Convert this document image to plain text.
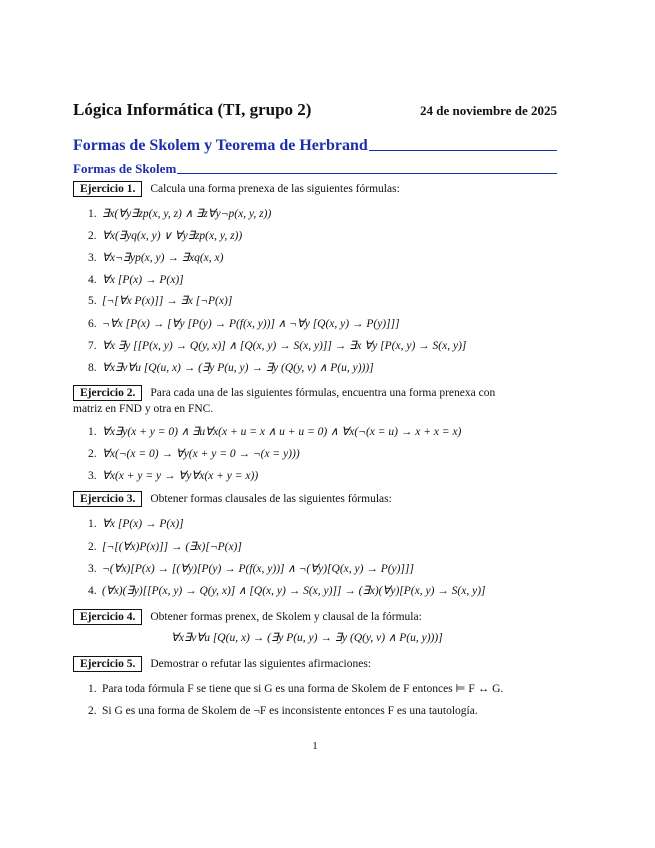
Lógica Informática (TI, grupo 2)	24 de noviembre de 2025
Formas de Skolem y Teorema de Herbrand
Formas de Skolem
Ejercicio 1. Calcula una forma prenexa de las siguientes fórmulas:
1. ∃x(∀y∃zp(x, y, z) ∧ ∃z∀y¬p(x, y, z))
2. ∀x(∃yq(x, y) ∨ ∀y∃zp(x, y, z))
3. ∀x¬∃yp(x, y) → ∃xq(x, x)
4. ∀x [P(x) → P(x)]
5. [¬[∀x P(x)]] → ∃x [¬P(x)]
6. ¬∀x [P(x) → [∀y [P(y) → P(f(x, y))] ∧ ¬∀y [Q(x, y) → P(y)]]]
7. ∀x ∃y [[P(x, y) → Q(y, x)] ∧ [Q(x, y) → S(x, y)]] → ∃x ∀y [P(x, y) → S(x, y)]
8. ∀x∃v∀u [Q(u, x) → (∃y P(u, y) → ∃y (Q(y, v) ∧ P(u, y)))]
Ejercicio 2. Para cada una de las siguientes fórmulas, encuentra una forma prenexa con
matriz en FND y otra en FNC.
1. ∀x∃y(x + y = 0) ∧ ∃u∀x(x + u = x ∧ u + u = 0) ∧ ∀x(¬(x = u) → x + x = x)
2. ∀x(¬(x = 0) → ∀y(x + y = 0 → ¬(x = y)))
3. ∀x(x + y = y → ∀y∀x(x + y = x))
Ejercicio 3. Obtener formas clausales de las siguientes fórmulas:
1. ∀x [P(x) → P(x)]
2. [¬[(∀x)P(x)]] → (∃x)[¬P(x)]
3. ¬(∀x)[P(x) → [(∀y)[P(y) → P(f(x, y))] ∧ ¬(∀y)[Q(x, y) → P(y)]]]
4. (∀x)(∃y)[[P(x, y) → Q(y, x)] ∧ [Q(x, y) → S(x, y)]] → (∃x)(∀y)[P(x, y) → S(x, y)]
Ejercicio 4. Obtener formas prenex, de Skolem y clausal de la fórmula:
∀x∃v∀u [Q(u, x) → (∃y P(u, y) → ∃y (Q(y, v) ∧ P(u, y)))]
Ejercicio 5. Demostrar o refutar las siguientes afirmaciones:
1. Para toda fórmula F se tiene que si G es una forma de Skolem de F entonces ⊨ F ↔ G.
2. Si G es una forma de Skolem de ¬F es inconsistente entonces F es una tautología.
1
